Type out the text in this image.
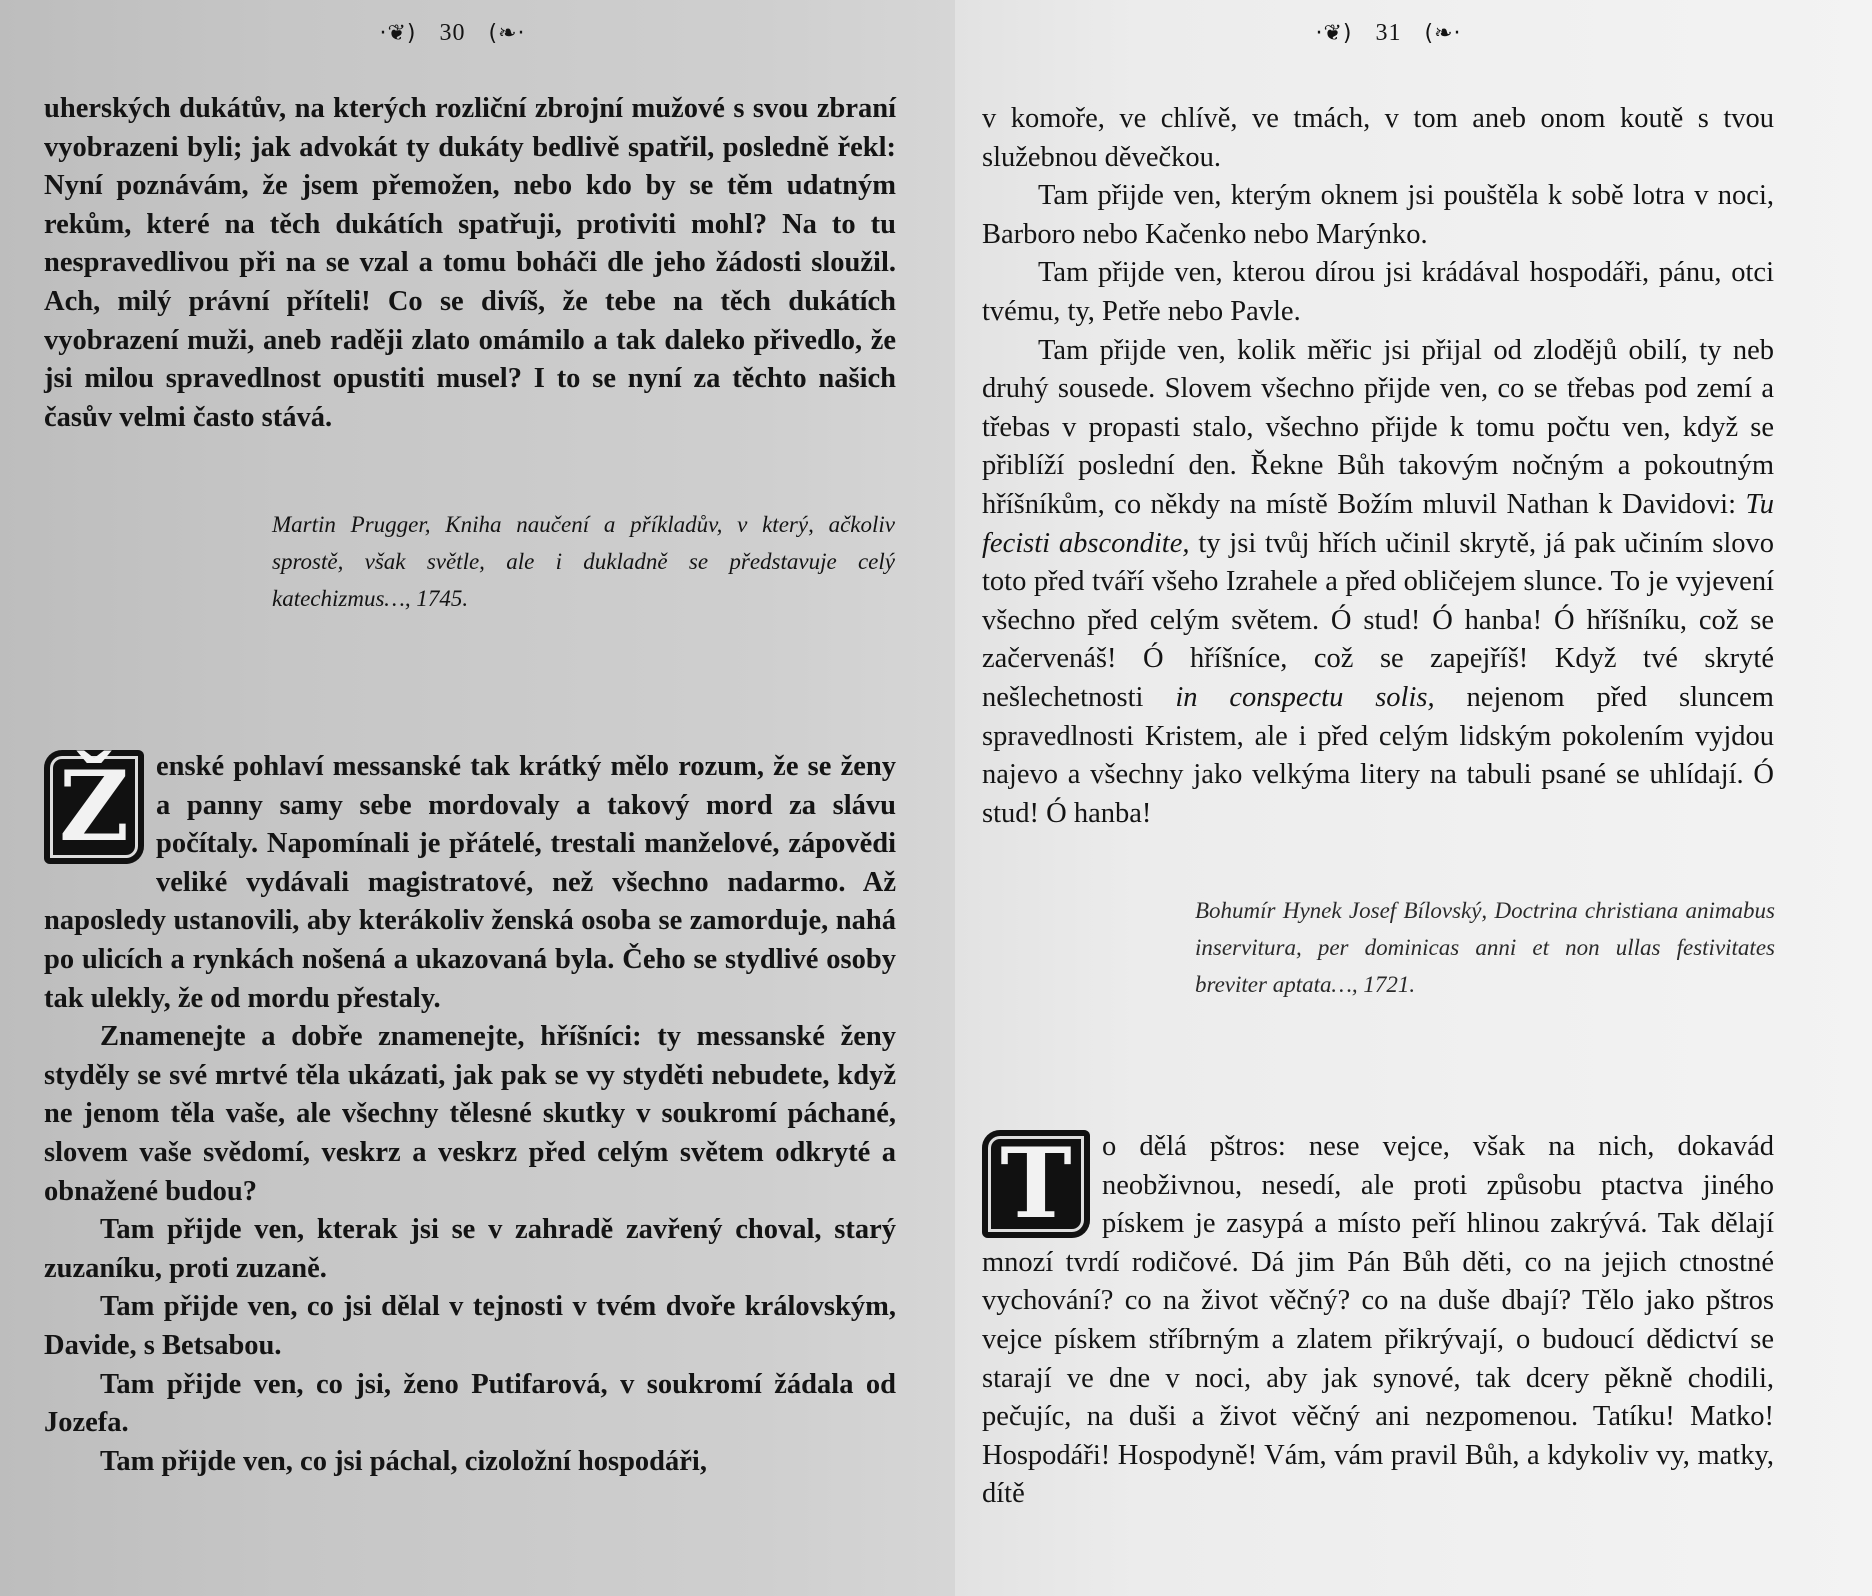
·❦) 30 (❧·

uherských dukátův, na kterých rozliční zbrojní mužové s svou zbraní vyobrazeni byli; jak advokát ty dukáty bedlivě spatřil, posledně řekl: Nyní poznávám, že jsem přemožen, nebo kdo by se těm udatným rekům, které na těch dukátích spatřuji, protiviti mohl? Na to tu nespravedlivou při na se vzal a tomu boháči dle jeho žádosti sloužil. Ach, milý právní příteli! Co se divíš, že tebe na těch dukátích vyobrazení muži, aneb raději zlato omámilo a tak daleko přivedlo, že jsi milou spravedlnost opustiti musel? I to se nyní za těchto našich časův velmi často stává.

Martin Prugger, Kniha naučení a příkladův, v který, ačkoliv sprostě, však světle, ale i dukladně se představuje celý katechizmus…, 1745.
Ž enské pohlaví messanské tak krátký mělo rozum, že se ženy a panny samy sebe mordovaly a takový mord za slávu počítaly. Napomínali je přátelé, trestali manželové, zápovědi veliké vydávali magistratové, než všechno nadarmo. Až naposledy ustanovili, aby kterákoliv ženská osoba se zamorduje, nahá po ulicích a rynkách nošená a ukazovaná byla. Čeho se stydlivé osoby tak ulekly, že od mordu přestaly.

Znamenejte a dobře znamenejte, hříšníci: ty messanské ženy styděly se své mrtvé těla ukázati, jak pak se vy styděti nebudete, když ne jenom těla vaše, ale všechny tělesné skutky v soukromí páchané, slovem vaše svědomí, veskrz a veskrz před celým světem odkryté a obnažené budou?

Tam přijde ven, kterak jsi se v zahradě zavřený choval, starý zuzaníku, proti zuzaně.

Tam přijde ven, co jsi dělal v tejnosti v tvém dvoře královským, Davide, s Betsabou.

Tam přijde ven, co jsi, ženo Putifarová, v soukromí žádala od Jozefa.

Tam přijde ven, co jsi páchal, cizoložní hospodáři,

·❦) 31 (❧·

v komoře, ve chlívě, ve tmách, v tom aneb onom koutě s tvou služebnou děvečkou.

Tam přijde ven, kterým oknem jsi pouštěla k sobě lotra v noci, Barboro nebo Kačenko nebo Marýnko.

Tam přijde ven, kterou dírou jsi krádával hospodáři, pánu, otci tvému, ty, Petře nebo Pavle.

Tam přijde ven, kolik měřic jsi přijal od zlodějů obilí, ty neb druhý sousede. Slovem všechno přijde ven, co se třebas pod zemí a třebas v propasti stalo, všechno přijde k tomu počtu ven, když se přiblíží poslední den. Řekne Bůh takovým nočným a pokoutným hříšníkům, co někdy na místě Božím mluvil Nathan k Davidovi: Tu fecisti abscondite, ty jsi tvůj hřích učinil skrytě, já pak učiním slovo toto před tváří všeho Izrahele a před obličejem slunce. To je vyjevení všechno před celým světem. Ó stud! Ó hanba! Ó hříšníku, což se začervenáš! Ó hříšníce, což se zapejříš! Když tvé skryté nešlechetnosti in conspectu solis, nejenom před sluncem spravedlnosti Kristem, ale i před celým lidským pokolením vyjdou najevo a všechny jako velkýma litery na tabuli psané se uhlídají. Ó stud! Ó hanba!

Bohumír Hynek Josef Bílovský, Doctrina christiana animabus inservitura, per dominicas anni et non ullas festivitates breviter aptata…, 1721.
T	o dělá pštros: nese vejce, však na nich, dokavád neobživnou, nesedí, ale proti způsobu ptactva jiného pískem je zasypá a místo peří hlinou zakrývá. Tak dělají mnozí tvrdí rodičové. Dá jim Pán Bůh děti, co na jejich ctnostné vychování? co na život věčný? co na duše dbají? Tělo jako pštros vejce pískem stříbrným a zlatem přikrývají, o budoucí dědictví se starají ve dne v noci, aby jak synové, tak dcery pěkně chodili, pečujíc, na duši a život věčný ani nezpomenou. Tatíku! Matko! Hospodáři! Hospodyně! Vám, vám pravil Bůh, a kdykoliv vy, matky, dítě
